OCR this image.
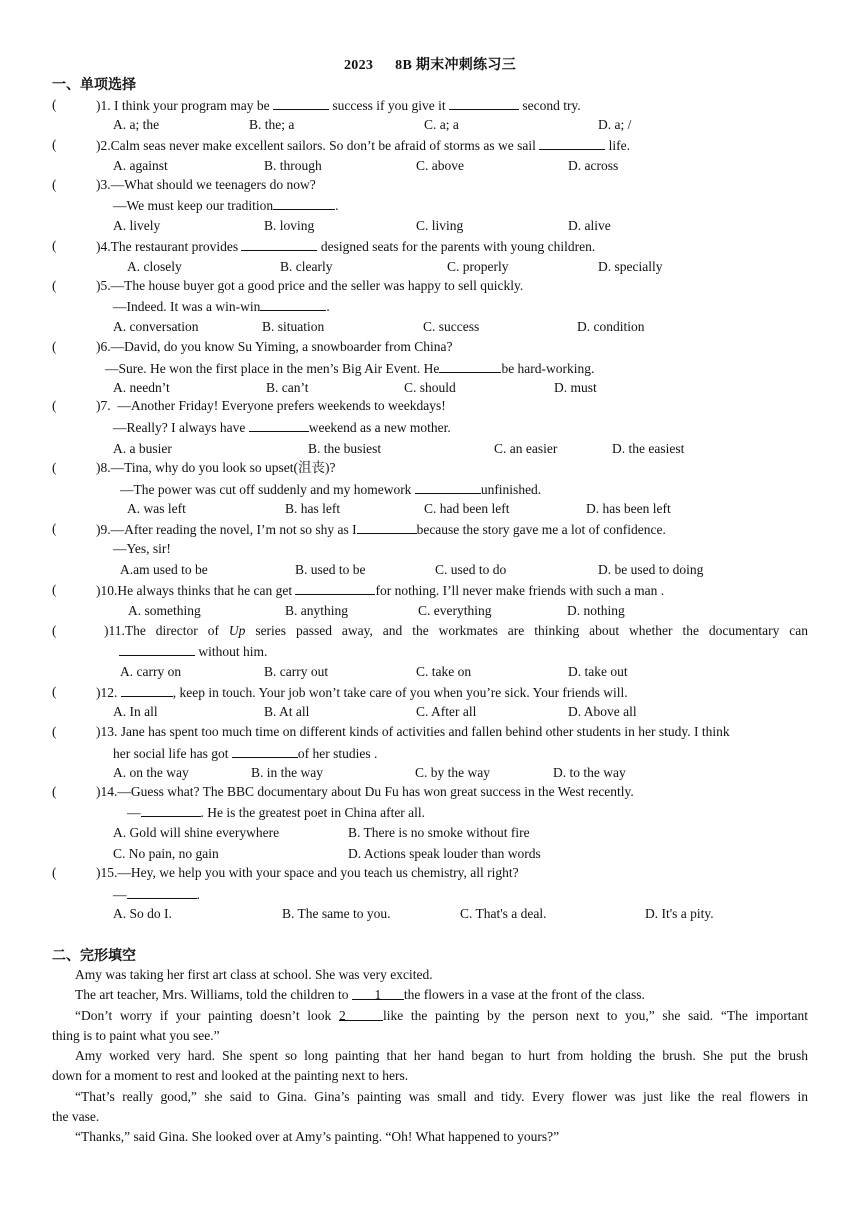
2023 8B 期末冲刺练习三
一、单项选择
(	)1. I think your program may be	success if you give it	second try.
A. a; the	B. the; a	C. a; a	D. a; /
(	)2.Calm seas never make excellent sailors. So don’t be afraid of storms as we sail	life.
A. against	B. through	C. above	D. across
(	)3.—What should we teenagers do now?
—We must keep our tradition	.
A. lively	B. loving	C. living	D. alive
(	)4.The restaurant provides	designed seats for the parents with young children.
A. closely	B. clearly	C. properly	D. specially
(	)5.—The house buyer got a good price and the seller was happy to sell quickly.
—Indeed. It was a win-win	.
A. conversation	B. situation	C. success	D. condition
(	)6.—David, do you know Su Yiming, a snowboarder from China?
—Sure. He won the first place in the men’s Big Air Event. He	be hard-working.
A. needn’t	B. can’t	C. should	D. must
(	)7. —Another Friday! Everyone prefers weekends to weekdays!
—Really? I always have	weekend as a new mother.
A. a busier	B. the busiest	C. an easier	D. the easiest
(	)8.—Tina, why do you look so upset(沮丧)?
—The power was cut off suddenly and my homework	unfinished.
A. was left	B. has left	C. had been left	D. has been left
(	)9.—After reading the novel, I’m not so shy as I	because the story gave me a lot of confidence.
—Yes, sir!
A.am used to be	B. used to be	C. used to do	D. be used to doing
(	)10.He always thinks that he can get	for nothing. I’ll never make friends with such a man .
A. something	B. anything	C. everything	D. nothing
(	)11.The director of Up series passed away, and the workmates are thinking about whether the documentary can
without him.
A. carry on	B. carry out	C. take on	D. take out
(	)12.	, keep in touch. Your job won’t take care of you when you’re sick. Your friends will.
A. In all	B. At all	C. After all	D. Above all
(	)13. Jane has spent too much time on different kinds of activities and fallen behind other students in her study. I think
her social life has got	of her studies .
A. on the way	B. in the way	C. by the way	D. to the way
(	)14.—Guess what? The BBC documentary about Du Fu has won great success in the West recently.
—	. He is the greatest poet in China after all.
A. Gold will shine everywhere	B. There is no smoke without fire
C. No pain, no gain	D. Actions speak louder than words
(	)15.—Hey, we help you with your space and you teach us chemistry, all right?
—	.
A. So do I.	B. The same to you.	C. That's a deal.	D. It's a pity.
二、完形填空
Amy was taking her first art class at school. She was very excited.
The art teacher, Mrs. Williams, told the children to 1 the flowers in a vase at the front of the class.
“Don’t worry if your painting doesn’t look 2	like the painting by the person next to you,” she said. “The important
thing is to paint what you see.”
Amy worked very hard. She spent so long painting that her hand began to hurt from holding the brush. She put the brush
down for a moment to rest and looked at the painting next to hers.
“That’s really good,” she said to Gina. Gina’s painting was small and tidy. Every flower was just like the real flowers in
the vase.
“Thanks,” said Gina. She looked over at Amy’s painting. “Oh! What happened to yours?”
